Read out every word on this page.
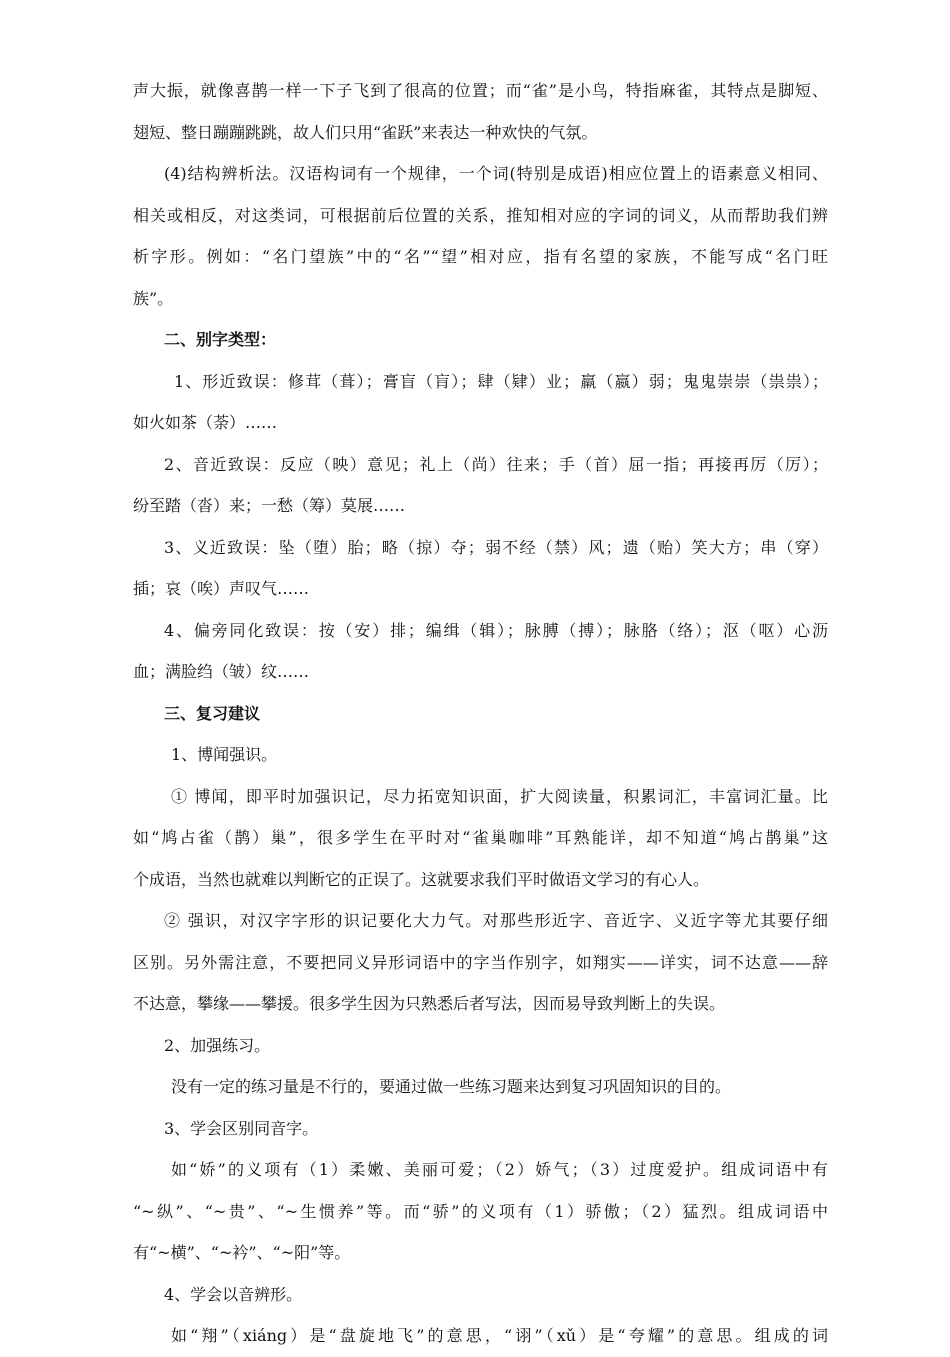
声大振，就像喜鹊一样一下子飞到了很高的位置；而“雀”是小鸟，特指麻雀，其特点是脚短、
翅短、整日蹦蹦跳跳，故人们只用“雀跃”来表达一种欢快的气氛。
(4)结构辨析法。汉语构词有一个规律，一个词(特别是成语)相应位置上的语素意义相同、
相关或相反，对这类词，可根据前后位置的关系，推知相对应的字词的词义，从而帮助我们辨
析字形。例如：“名门望族”中的“名”“望”相对应，指有名望的家族，不能写成“名门旺
族”。
二、别字类型：
1、形近致误：修茸（葺）；膏盲（肓）；肆（肄）业；羸（嬴）弱；鬼鬼崇崇（祟祟）；
如火如茶（荼）……
2、音近致误：反应（映）意见；礼上（尚）往来；手（首）屈一指；再接再厉（厉）；
纷至踏（沓）来；一愁（筹）莫展……
3、义近致误：坠（堕）胎；略（掠）夺；弱不经（禁）风；遗（贻）笑大方；串（穿）
插；哀（唉）声叹气……
4、偏旁同化致误：按（安）排；编缉（辑）；脉膊（搏）；脉胳（络）；沤（呕）心沥
血；满脸绉（皱）纹……
三、复习建议
1、博闻强识。
① 博闻，即平时加强识记，尽力拓宽知识面，扩大阅读量，积累词汇，丰富词汇量。比
如“鸠占雀（鹊）巢”，很多学生在平时对“雀巢咖啡”耳熟能详，却不知道“鸠占鹊巢”这
个成语，当然也就难以判断它的正误了。这就要求我们平时做语文学习的有心人。
② 强识，对汉字字形的识记要化大力气。对那些形近字、音近字、义近字等尤其要仔细
区别。另外需注意，不要把同义异形词语中的字当作别字，如翔实——详实，词不达意——辞
不达意，攀缘——攀援。很多学生因为只熟悉后者写法，因而易导致判断上的失误。
2、加强练习。
没有一定的练习量是不行的，要通过做一些练习题来达到复习巩固知识的目的。
3、学会区别同音字。
如“娇”的义项有（1）柔嫩、美丽可爱；（2）娇气；（3）过度爱护。组成词语中有
“~纵”、“~贵”、“~生惯养”等。而“骄”的义项有（1）骄傲；（2）猛烈。组成词语中
有“~横”、“~衿”、“~阳”等。
4、学会以音辨形。
如“翔”（xiáng）是“盘旋地飞”的意思，“诩”（xǔ）是“夸耀”的意思。组成的词
